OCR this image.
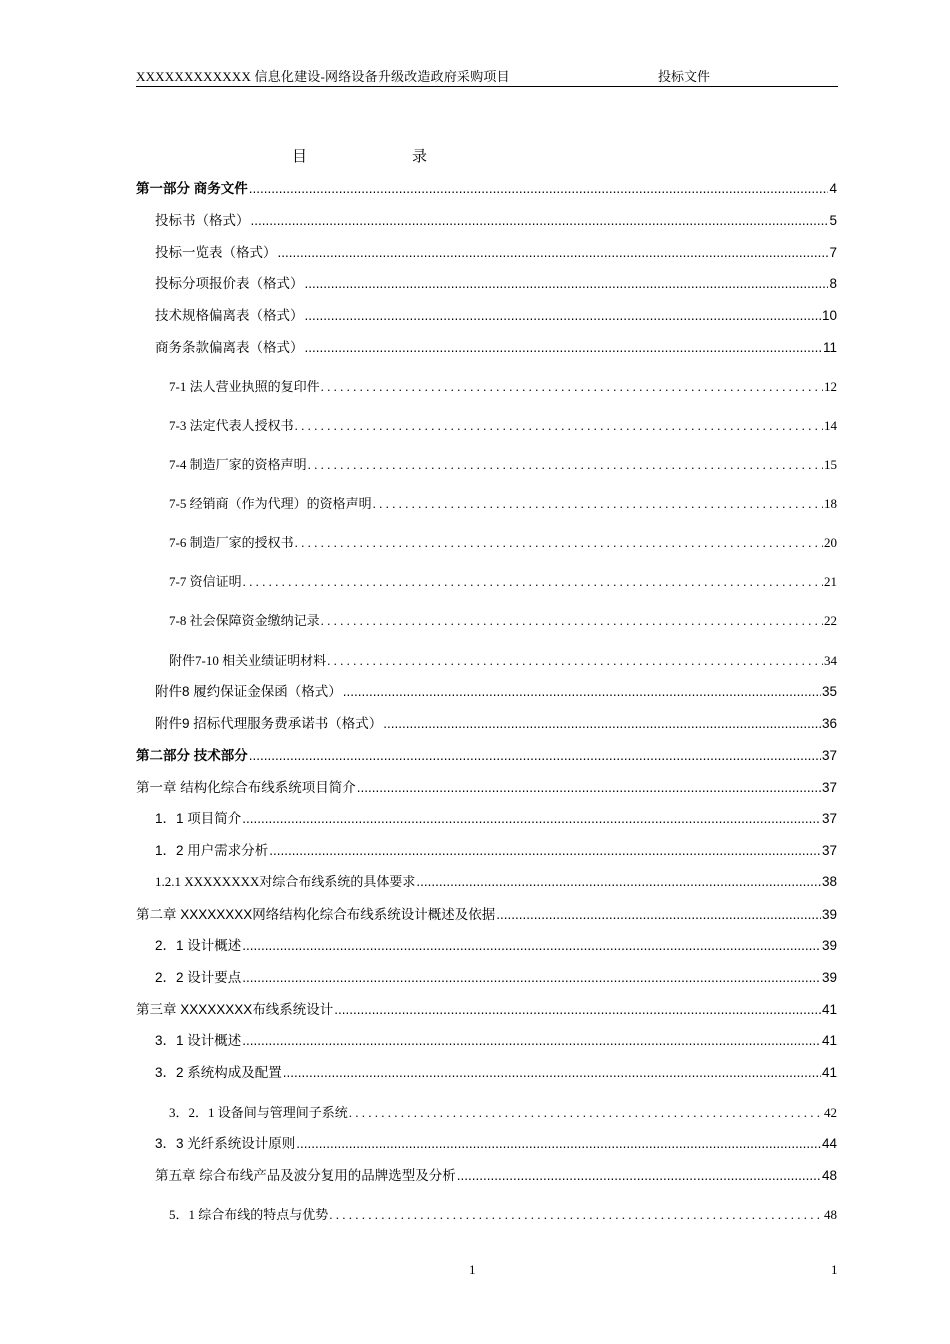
XXXXXXXXXXXX 信息化建设-网络设备升级改造政府采购项目	投标文件
目	录
第一部分 商务文件 .....	4
投标书（格式） .....	5
投标一览表（格式） .....	7
投标分项报价表（格式） .....	8
技术规格偏离表（格式） .....	10
商务条款偏离表（格式） .....	11
7-1 法人营业执照的复印件 . . .	12
7-3 法定代表人授权书 . . .	14
7-4 制造厂家的资格声明 . . .	15
7-5 经销商（作为代理）的资格声明 . . .	18
7-6 制造厂家的授权书 . . .	20
7-7 资信证明 . . .	21
7-8 社会保障资金缴纳记录 . . .	22
附件7-10 相关业绩证明材料 . . .	34
附件8 履约保证金保函（格式） .....	35
附件9 招标代理服务费承诺书（格式） .....	36
第二部分 技术部分 .....	37
第一章 结构化综合布线系统项目简介 .....	37
1．1 项目简介 .....	37
1．2 用户需求分析 .....	37
1.2.1 XXXXXXXX对综合布线系统的具体要求 .....	38
第二章 XXXXXXXX网络结构化综合布线系统设计概述及依据 .....	39
2．1 设计概述 .....	39
2．2 设计要点 .....	39
第三章 XXXXXXXX布线系统设计 .....	41
3．1 设计概述 .....	41
3．2 系统构成及配置 .....	41
3．2．1 设备间与管理间子系统 . . .	42
3．3 光纤系统设计原则 .....	44
第五章 综合布线产品及波分复用的品牌选型及分析 .....	48
5．1 综合布线的特点与优势 . . .	48
1	1
